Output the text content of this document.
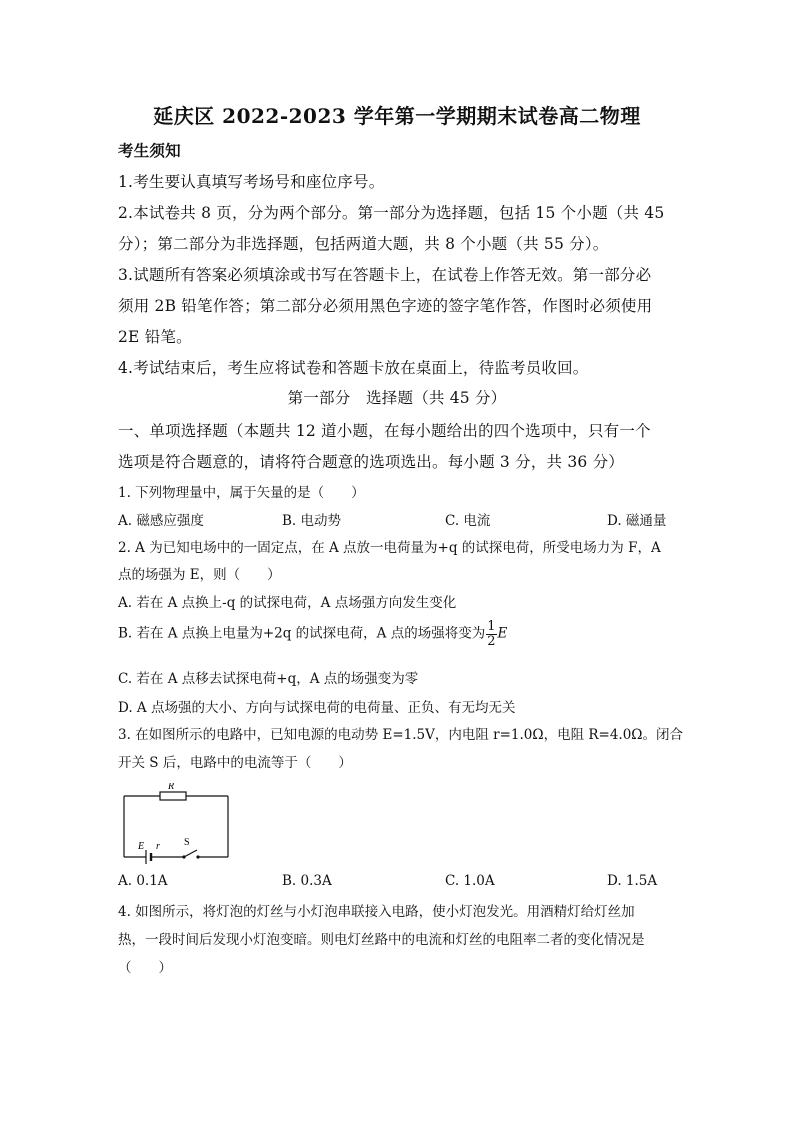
延庆区 2022-2023 学年第一学期期末试卷高二物理
考生须知
1.考生要认真填写考场号和座位序号。
2.本试卷共 8 页，分为两个部分。第一部分为选择题，包括 15 个小题（共 45
分）；第二部分为非选择题，包括两道大题，共 8 个小题（共 55 分）。
3.试题所有答案必须填涂或书写在答题卡上，在试卷上作答无效。第一部分必
须用 2B 铅笔作答；第二部分必须用黑色字迹的签字笔作答，作图时必须使用
2E 铅笔。
4.考试结束后，考生应将试卷和答题卡放在桌面上，待监考员收回。
第一部分　选择题（共 45 分）
一、单项选择题（本题共 12 道小题，在每小题给出的四个选项中，只有一个
选项是符合题意的，请将符合题意的选项选出。每小题 3 分，共 36 分）
1. 下列物理量中，属于矢量的是（　　）
A. 磁感应强度	B. 电动势	C. 电流	D. 磁通量
2. A 为已知电场中的一固定点，在 A 点放一电荷量为+q 的试探电荷，所受电场力为 F，A
点的场强为 E，则（　　）
A. 若在 A 点换上-q 的试探电荷，A 点场强方向发生变化
B. 若在 A 点换上电量为+2q 的试探电荷，A 点的场强将变为 $\frac{1}{2}$ E
C. 若在 A 点移去试探电荷+q，A 点的场强变为零
D. A 点场强的大小、方向与试探电荷的电荷量、正负、有无均无关
3. 在如图所示的电路中，已知电源的电动势 E=1.5V，内电阻 r=1.0Ω，电阻 R=4.0Ω。闭合
开关 S 后，电路中的电流等于（　　）
R
E r S
A. 0.1A	B. 0.3A	C. 1.0A	D. 1.5A
4. 如图所示，将灯泡的灯丝与小灯泡串联接入电路，使小灯泡发光。用酒精灯给灯丝加
热，一段时间后发现小灯泡变暗。则电灯丝路中的电流和灯丝的电阻率二者的变化情况是
（　　）
